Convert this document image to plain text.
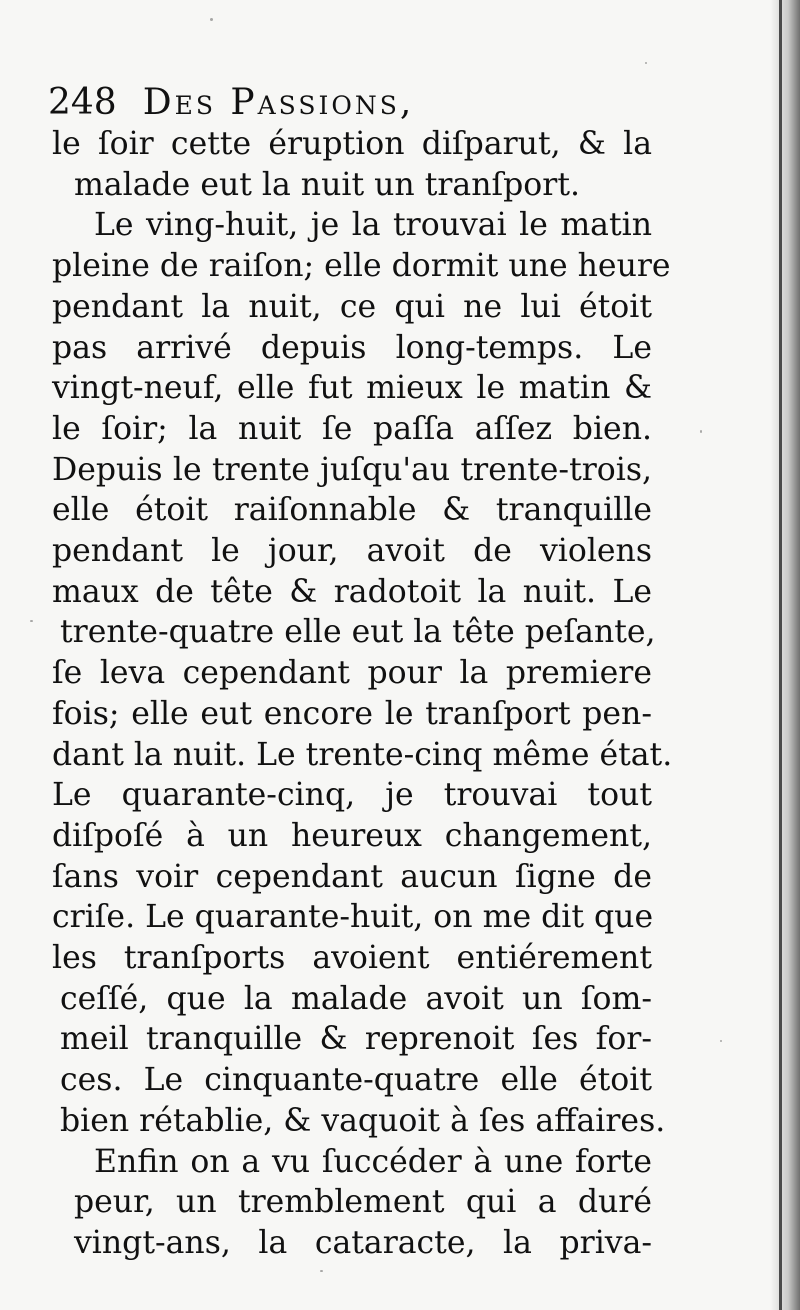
248 Des Passions,
le ſoir cette éruption diſparut, & la
malade eut la nuit un tranſport.
Le ving-huit, je la trouvai le matin
pleine de raiſon; elle dormit une heure
pendant la nuit, ce qui ne lui étoit
pas arrivé depuis long-temps. Le
vingt-neuf, elle fut mieux le matin &
le ſoir; la nuit ſe paſſa aſſez bien.
Depuis le trente juſqu'au trente-trois,
elle étoit raiſonnable & tranquille
pendant le jour, avoit de violens
maux de tête & radotoit la nuit. Le
trente-quatre elle eut la tête peſante,
ſe leva cependant pour la premiere
fois; elle eut encore le tranſport pen-
dant la nuit. Le trente-cinq même état.
Le quarante-cinq, je trouvai tout
diſpoſé à un heureux changement,
ſans voir cependant aucun ſigne de
criſe. Le quarante-huit, on me dit que
les tranſports avoient entiérement
ceſſé, que la malade avoit un ſom-
meil tranquille & reprenoit ſes for-
ces. Le cinquante-quatre elle étoit
bien rétablie, & vaquoit à ſes affaires.
Enfin on a vu ſuccéder à une forte
peur, un tremblement qui a duré
vingt-ans, la cataracte, la priva-
